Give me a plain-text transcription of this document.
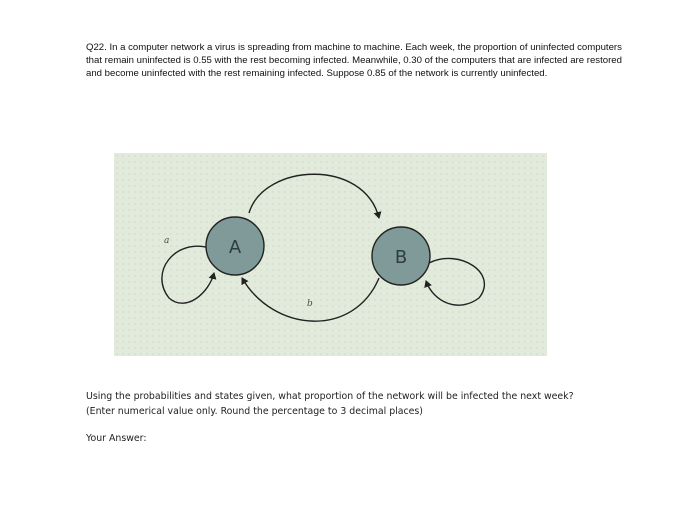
Q22. In a computer network a virus is spreading from machine to machine. Each week, the proportion of uninfected computers that remain uninfected is 0.55 with the rest becoming infected. Meanwhile, 0.30 of the computers that are infected are restored and become uninfected with the rest remaining infected. Suppose 0.85 of the network is currently uninfected.
A	B
a
b
Using the probabilities and states given, what proportion of the network will be infected the next week?
(Enter numerical value only. Round the percentage to 3 decimal places)
Your Answer:
